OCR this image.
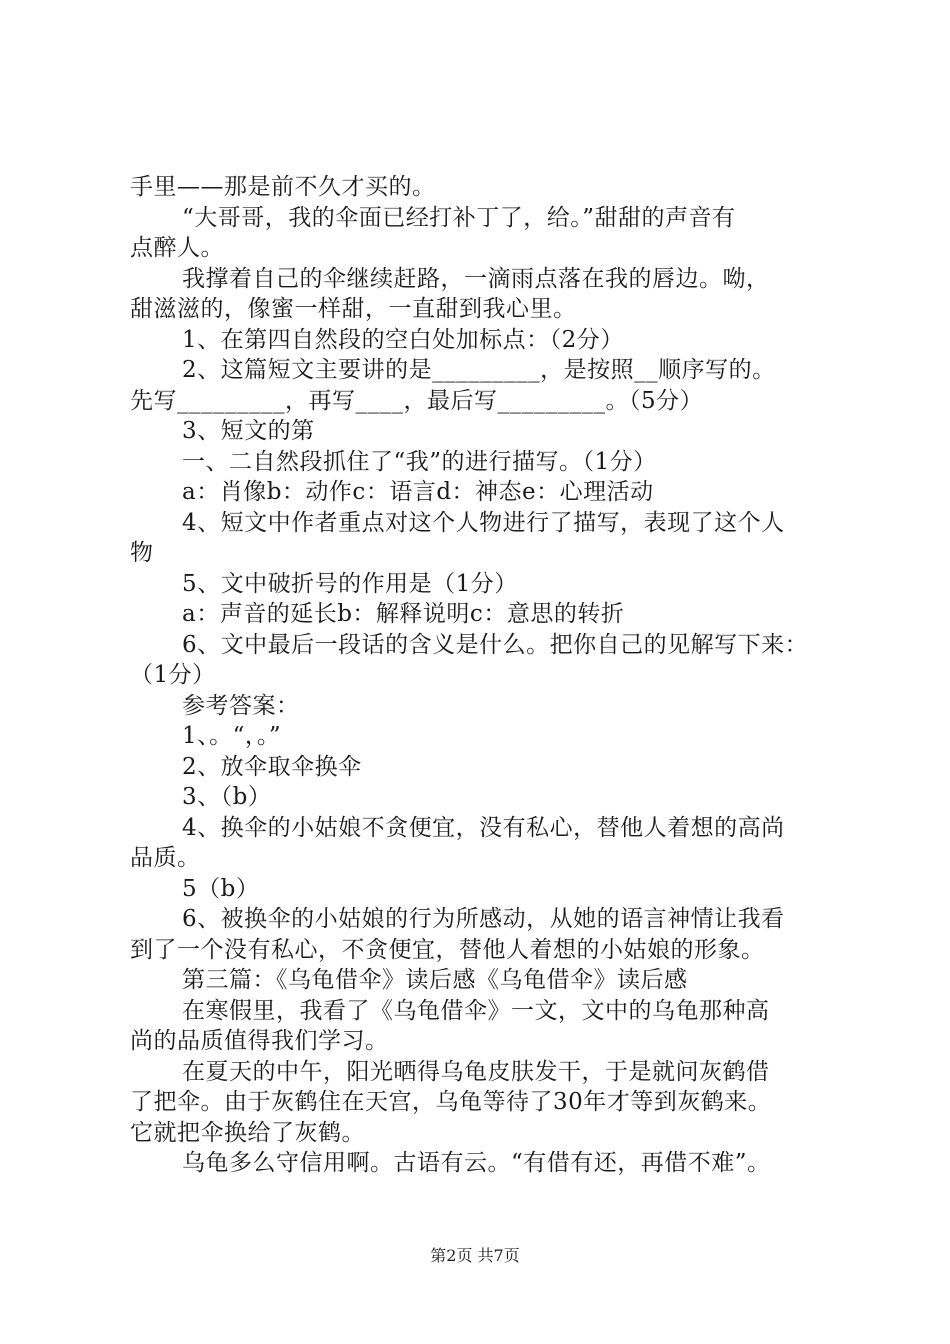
手里——那是前不久才买的。
“大哥哥，我的伞面已经打补丁了，给。”甜甜的声音有
点醉人。
我撑着自己的伞继续赶路，一滴雨点落在我的唇边。呦，
甜滋滋的，像蜜一样甜，一直甜到我心里。
1、在第四自然段的空白处加标点：（2分）
2、这篇短文主要讲的是_________，是按照__顺序写的。
先写_________，再写____，最后写_________。（5分）
3、短文的第
一、二自然段抓住了“我”的进行描写。（1分）
a：肖像b：动作c：语言d：神态e：心理活动
4、短文中作者重点对这个人物进行了描写，表现了这个人
物
5、文中破折号的作用是（1分）
a：声音的延长b：解释说明c：意思的转折
6、文中最后一段话的含义是什么。把你自己的见解写下来：
（1分）
参考答案：
1、。“，。”
2、放伞取伞换伞
3、（b）
4、换伞的小姑娘不贪便宜，没有私心，替他人着想的高尚
品质。
5（b）
6、被换伞的小姑娘的行为所感动，从她的语言神情让我看
到了一个没有私心，不贪便宜，替他人着想的小姑娘的形象。
第三篇：《乌龟借伞》读后感《乌龟借伞》读后感
在寒假里，我看了《乌龟借伞》一文，文中的乌龟那种高
尚的品质值得我们学习。
在夏天的中午，阳光晒得乌龟皮肤发干，于是就问灰鹤借
了把伞。由于灰鹤住在天宫，乌龟等待了30年才等到灰鹤来。
它就把伞换给了灰鹤。
乌龟多么守信用啊。古语有云。“有借有还，再借不难”。
第2页 共7页
